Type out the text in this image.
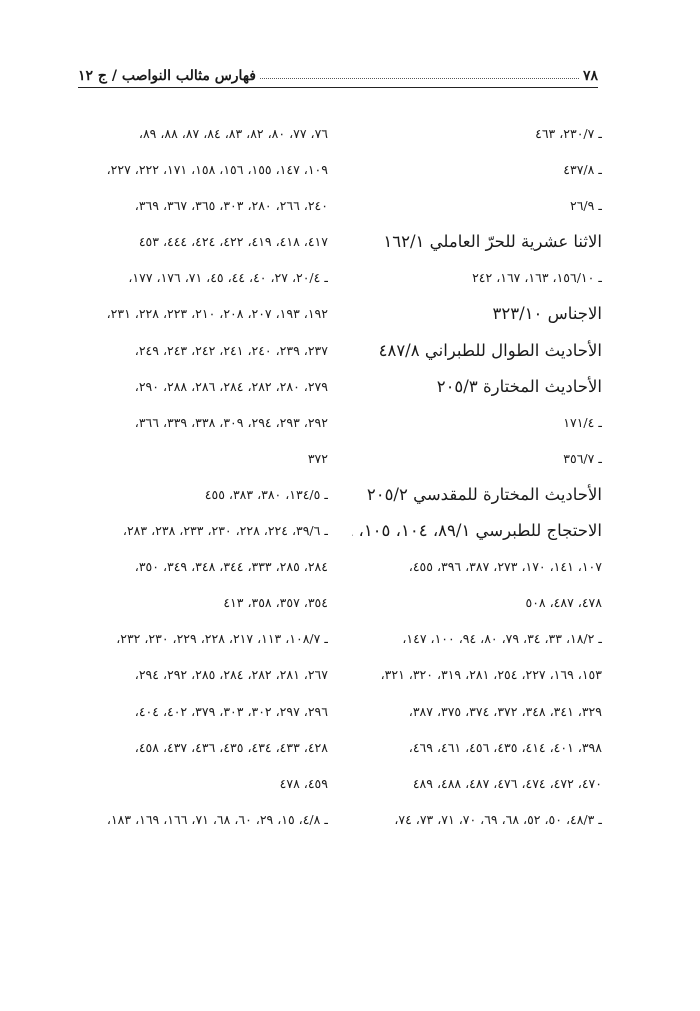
٧٨
فهارس مثالب النواصب / ج ١٢
ـ ٢٣٠/٧، ٤٦٣
ـ ٤٣٧/٨
ـ ٢٦/٩
الاثنا عشرية للحرّ العاملي ١٦٢/١
ـ ١٥٦/١٠، ١٦٣، ١٦٧، ٢٤٢
الاجناس ٣٢٣/١٠
الأحاديث الطوال للطبراني ٤٨٧/٨
الأحاديث المختارة ٢٠٥/٣
ـ ١٧١/٤
ـ ٣٥٦/٧
الأحاديث المختارة للمقدسي ٢٠٥/٢
الاحتجاج للطبرسي ٨٩/١، ١٠٤، ١٠٥،
١٠٧، ١٤١، ١٧٠، ٢٧٣، ٣٨٧، ٣٩٦، ٤٥٥،
٤٧٨، ٤٨٧، ٥٠٨
ـ ١٨/٢، ٣٣، ٣٤، ٧٩، ٨٠، ٩٤، ١٠٠، ١٤٧،
١٥٣، ١٦٩، ٢٢٧، ٢٥٤، ٢٨١، ٣١٩، ٣٢٠، ٣٢١،
٣٢٩، ٣٤١، ٣٤٨، ٣٧٢، ٣٧٤، ٣٧٥، ٣٨٧،
٣٩٨، ٤٠١، ٤١٤، ٤٣٥، ٤٥٦، ٤٦١، ٤٦٩،
٤٧٠، ٤٧٢، ٤٧٤، ٤٧٦، ٤٨٧، ٤٨٨، ٤٨٩
ـ ٤٨/٣، ٥٠، ٥٢، ٦٨، ٦٩، ٧٠، ٧١، ٧٣، ٧٤،
٧٦، ٧٧، ٨٠، ٨٢، ٨٣، ٨٤، ٨٧، ٨٨، ٨٩،
١٠٩، ١٤٧، ١٥٥، ١٥٦، ١٥٨، ١٧١، ٢٢٢، ٢٢٧،
٢٤٠، ٢٦٦، ٢٨٠، ٣٠٣، ٣٦٥، ٣٦٧، ٣٦٩،
٤١٧، ٤١٨، ٤١٩، ٤٢٢، ٤٢٤، ٤٤٤، ٤٥٣
ـ ٢٠/٤، ٢٧، ٤٠، ٤٤، ٤٥، ٧١، ١٧٦، ١٧٧،
١٩٢، ١٩٣، ٢٠٧، ٢٠٨، ٢١٠، ٢٢٣، ٢٢٨، ٢٣١،
٢٣٧، ٢٣٩، ٢٤٠، ٢٤١، ٢٤٢، ٢٤٣، ٢٤٩،
٢٧٩، ٢٨٠، ٢٨٢، ٢٨٤، ٢٨٦، ٢٨٨، ٢٩٠،
٢٩٢، ٢٩٣، ٢٩٤، ٣٠٩، ٣٣٨، ٣٣٩، ٣٦٦،
٣٧٢
ـ ١٣٤/٥، ٣٨٠، ٣٨٣، ٤٥٥
ـ ٣٩/٦، ٢٢٤، ٢٢٨، ٢٣٠، ٢٣٣، ٢٣٨، ٢٨٣،
٢٨٤، ٢٨٥، ٣٣٣، ٣٤٤، ٣٤٨، ٣٤٩، ٣٥٠،
٣٥٤، ٣٥٧، ٣٥٨، ٤١٣
ـ ١٠٨/٧، ١١٣، ٢١٧، ٢٢٨، ٢٢٩، ٢٣٠، ٢٣٢،
٢٦٧، ٢٨١، ٢٨٢، ٢٨٤، ٢٨٥، ٢٩٢، ٢٩٤،
٢٩٦، ٢٩٧، ٣٠٢، ٣٠٣، ٣٧٩، ٤٠٢، ٤٠٤،
٤٢٨، ٤٣٣، ٤٣٤، ٤٣٥، ٤٣٦، ٤٣٧، ٤٥٨،
٤٥٩، ٤٧٨
ـ ٤/٨، ١٥، ٢٩، ٦٠، ٦٨، ٧١، ١٦٦، ١٦٩، ١٨٣،
